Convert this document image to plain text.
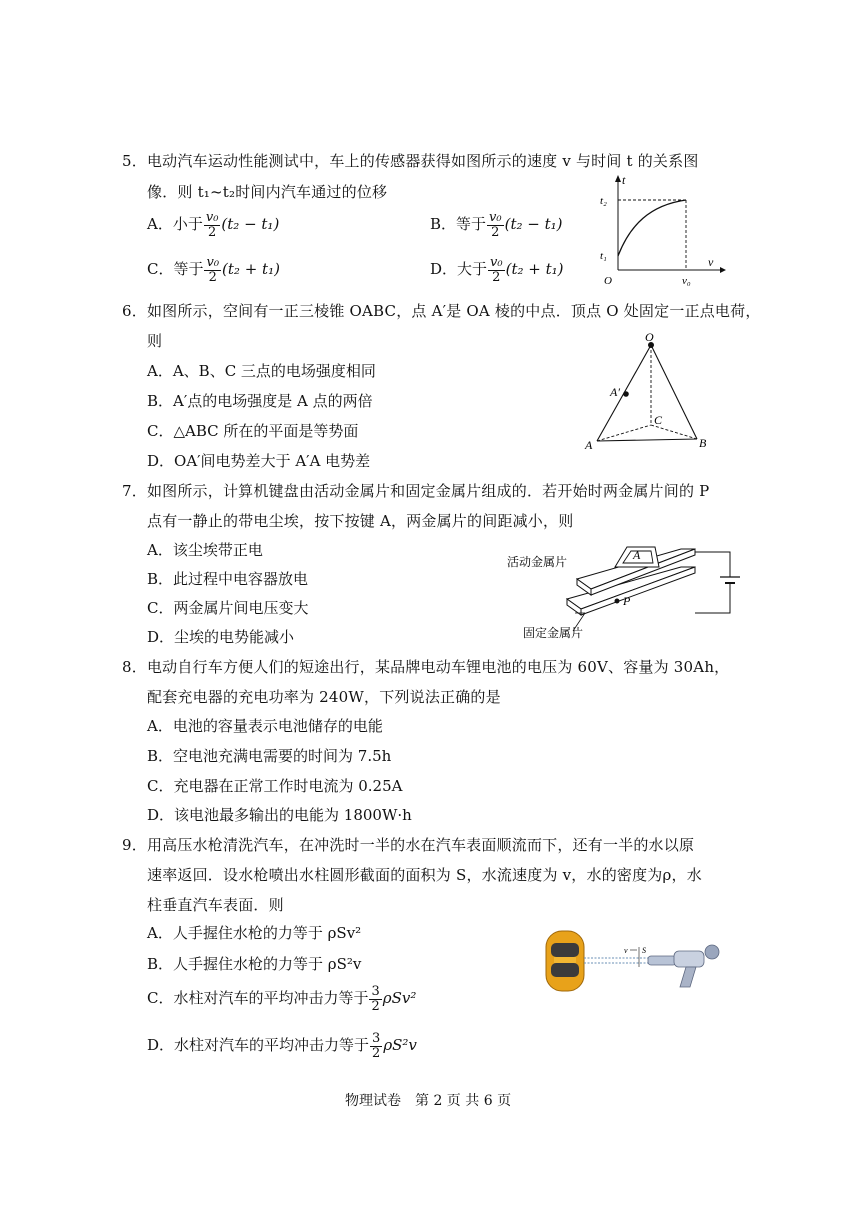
5．电动汽车运动性能测试中，车上的传感器获得如图所示的速度 v 与时间 t 的关系图
像．则 t₁~t₂时间内汽车通过的位移
A．小于 $\frac{\text{v₀}}{2} (t_2 - t_1)$	B．等于 $\frac{\text{v₀}}{2} (t_2 - t_1)$
C．等于 $\frac{\text{v₀}}{2} (t_2 + t_1)$	D．大于 $\frac{\text{v₀}}{2} (t_2 + t_1)$
t
v
t₂
t₁
O	v₀
6．如图所示，空间有一正三棱锥 OABC，点 A′是 OA 棱的中点．顶点 O 处固定一正点电荷，
则
A．A、B、C 三点的电场强度相同
B．A′点的电场强度是 A 点的两倍
C．△ABC 所在的平面是等势面
D．OA′间电势差大于 A′A 电势差
O
A′
C
A	B
7．如图所示，计算机键盘由活动金属片和固定金属片组成的．若开始时两金属片间的 P
点有一静止的带电尘埃，按下按键 A，两金属片的间距减小，则
A．该尘埃带正电
B．此过程中电容器放电
C．两金属片间电压变大
D．尘埃的电势能减小
A
P
活动金属片
固定金属片
8．电动自行车方便人们的短途出行，某品牌电动车锂电池的电压为 60V、容量为 30Ah，
配套充电器的充电功率为 240W，下列说法正确的是
A．电池的容量表示电池储存的电能
B．空电池充满电需要的时间为 7.5h
C．充电器在正常工作时电流为 0.25A
D．该电池最多输出的电能为 1800W·h
9．用高压水枪清洗汽车，在冲洗时一半的水在汽车表面顺流而下，还有一半的水以原
速率返回．设水枪喷出水柱圆形截面的面积为 S，水流速度为 v，水的密度为ρ，水
柱垂直汽车表面．则
A．人手握住水枪的力等于 ρSv²
B．人手握住水枪的力等于 ρS²v
C．水柱对汽车的平均冲击力等于 $\frac{3}{2} \rho Sv^2$
D．水柱对汽车的平均冲击力等于 $\frac{3}{2} \rho S^2v$
v S
物理试卷　第 2 页 共 6 页
